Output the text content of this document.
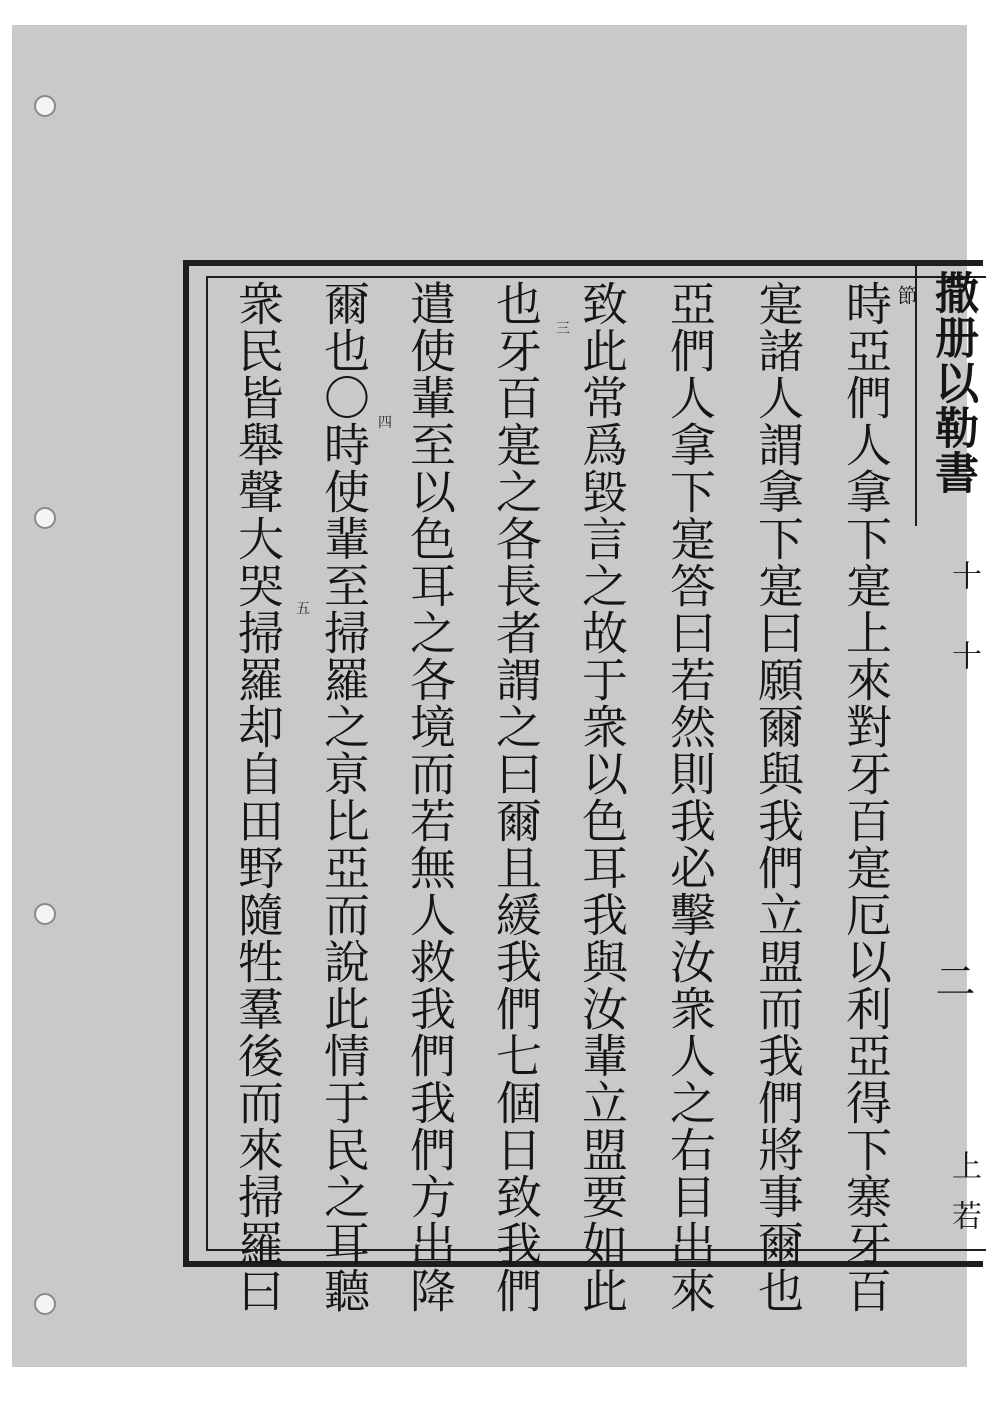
撒册以勒書
節
時亞們人拿下寔上來對牙百寔厄以利亞得下寨牙百
寔諸人謂拿下寔曰願爾與我們立盟而我們將事爾也
亞們人拿下寔答曰若然則我必擊汝衆人之右目出來
致此常爲毀言之故于衆以色耳我與汝輩立盟要如此
也牙百寔之各長者謂之曰爾且緩我們七個日致我們
遣使輩至以色耳之各境而若無人救我們我們方出降
爾也〇時使輩至掃羅之亰比亞而說此情于民之耳聽
衆民皆舉聲大哭掃羅却自田野隨牲羣後而來掃羅曰	三
四
五
十
十
二
上
若
